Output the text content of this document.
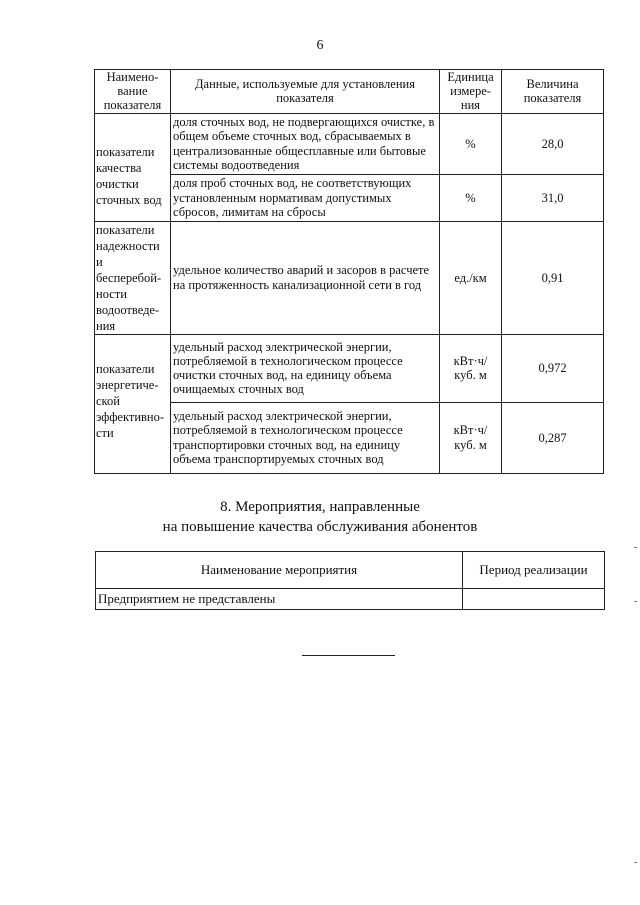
6
Наимено-вание показателя	Данные, используемые для установления показателя	Единица измере-ния	Величина показателя
показатели качества очистки сточных вод	доля сточных вод, не подвергающихся очистке, в общем объеме сточных вод, сбрасываемых в централизованные общесплавные или бытовые системы водоотведения	%	28,0
	доля проб сточных вод, не соответствующих установленным нормативам допустимых сбросов, лимитам на сбросы	%	31,0
показатели надежности и бесперебой-ности водоотведе-ния	удельное количество аварий и засоров в расчете на протяженность канализационной сети в год	ед./км	0,91
показатели энергетиче-ской эффективно-сти	удельный расход электрической энергии, потребляемой в технологическом процессе очистки сточных вод, на единицу объема очищаемых сточных вод	кВт·ч/ куб. м	0,972
	удельный расход электрической энергии, потребляемой в технологическом процессе транспортировки сточных вод, на единицу объема транспортируемых сточных вод	кВт·ч/ куб. м	0,287
8. Мероприятия, направленные
на повышение качества обслуживания абонентов
Наименование мероприятия	Период реализации
Предприятием не представлены	
